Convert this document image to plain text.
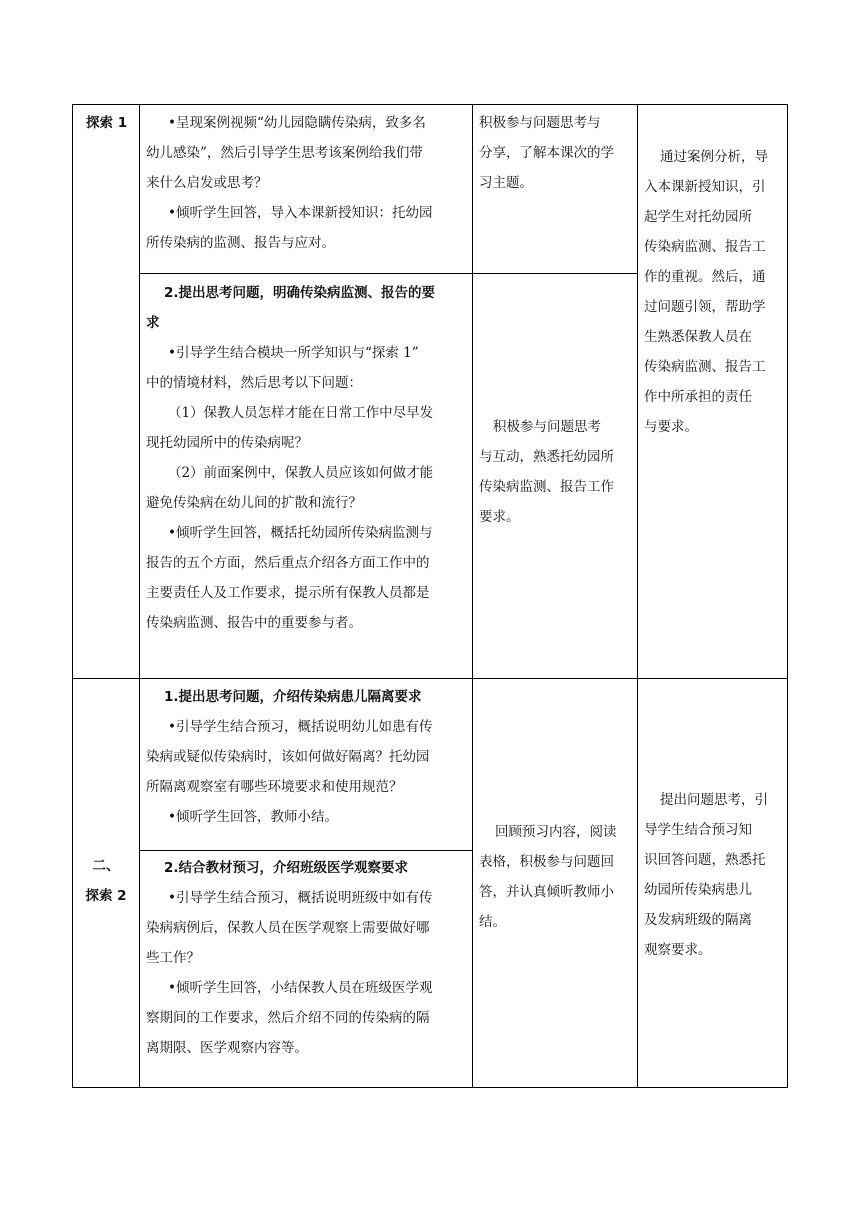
探索 1	•呈现案例视频“幼儿园隐瞒传染病，致多名
幼儿感染”，然后引导学生思考该案例给我们带
来什么启发或思考？
•倾听学生回答，导入本课新授知识：托幼园
所传染病的监测、报告与应对。
积极参与问题思考与
分享，了解本课次的学
习主题。
2.提出思考问题，明确传染病监测、报告的要
求
•引导学生结合模块一所学知识与“探索 1”
中的情境材料，然后思考以下问题：
（1）保教人员怎样才能在日常工作中尽早发
现托幼园所中的传染病呢？
（2）前面案例中，保教人员应该如何做才能
避免传染病在幼儿间的扩散和流行？
•倾听学生回答，概括托幼园所传染病监测与
报告的五个方面，然后重点介绍各方面工作中的
主要责任人及工作要求，提示所有保教人员都是
传染病监测、报告中的重要参与者。
积极参与问题思考
与互动，熟悉托幼园所
传染病监测、报告工作
要求。
通过案例分析，导
入本课新授知识，引
起学生对托幼园所
传染病监测、报告工
作的重视。然后，通
过问题引领，帮助学
生熟悉保教人员在
传染病监测、报告工
作中所承担的责任
与要求。
二、
探索 2
1.提出思考问题，介绍传染病患儿隔离要求
•引导学生结合预习，概括说明幼儿如患有传
染病或疑似传染病时，该如何做好隔离？托幼园
所隔离观察室有哪些环境要求和使用规范？
•倾听学生回答，教师小结。
2.结合教材预习，介绍班级医学观察要求
•引导学生结合预习，概括说明班级中如有传
染病病例后，保教人员在医学观察上需要做好哪
些工作？
•倾听学生回答，小结保教人员在班级医学观
察期间的工作要求，然后介绍不同的传染病的隔
离期限、医学观察内容等。
回顾预习内容，阅读
表格，积极参与问题回
答，并认真倾听教师小
结。
提出问题思考，引
导学生结合预习知
识回答问题，熟悉托
幼园所传染病患儿
及发病班级的隔离
观察要求。
